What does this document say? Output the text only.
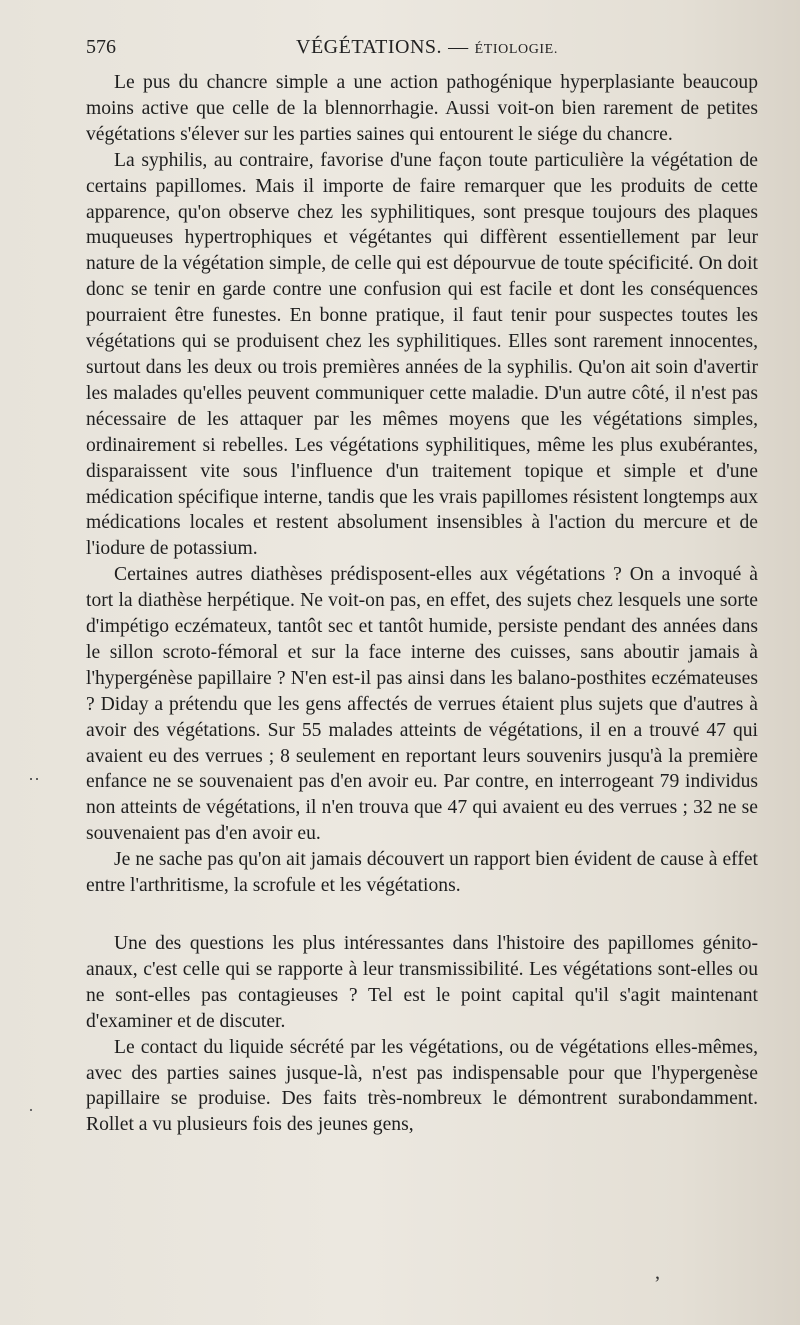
576	VÉGÉTATIONS. — ÉTIOLOGIE.

Le pus du chancre simple a une action pathogénique hyperplasiante beaucoup moins active que celle de la blennorrhagie. Aussi voit-on bien rarement de petites végétations s'élever sur les parties saines qui entourent le siége du chancre.

La syphilis, au contraire, favorise d'une façon toute particulière la végétation de certains papillomes. Mais il importe de faire remarquer que les produits de cette apparence, qu'on observe chez les syphilitiques, sont presque toujours des plaques muqueuses hypertrophiques et végétantes qui diffèrent essentiellement par leur nature de la végétation simple, de celle qui est dépourvue de toute spécificité. On doit donc se tenir en garde contre une confusion qui est facile et dont les conséquences pourraient être funestes. En bonne pratique, il faut tenir pour suspectes toutes les végétations qui se produisent chez les syphilitiques. Elles sont rarement innocentes, surtout dans les deux ou trois premières années de la syphilis. Qu'on ait soin d'avertir les malades qu'elles peuvent communiquer cette maladie. D'un autre côté, il n'est pas nécessaire de les attaquer par les mêmes moyens que les végétations simples, ordinairement si rebelles. Les végétations syphilitiques, même les plus exubérantes, disparaissent vite sous l'influence d'un traitement topique et simple et d'une médication spécifique interne, tandis que les vrais papillomes résistent longtemps aux médications locales et restent absolument insensibles à l'action du mercure et de l'iodure de potassium.

Certaines autres diathèses prédisposent-elles aux végétations ? On a invoqué à tort la diathèse herpétique. Ne voit-on pas, en effet, des sujets chez lesquels une sorte d'impétigo eczémateux, tantôt sec et tantôt humide, persiste pendant des années dans le sillon scroto-fémoral et sur la face interne des cuisses, sans aboutir jamais à l'hypergénèse papillaire ? N'en est-il pas ainsi dans les balano-posthites eczémateuses ? Diday a prétendu que les gens affectés de verrues étaient plus sujets que d'autres à avoir des végétations. Sur 55 malades atteints de végétations, il en a trouvé 47 qui avaient eu des verrues ; 8 seulement en reportant leurs souvenirs jusqu'à la première enfance ne se souvenaient pas d'en avoir eu. Par contre, en interrogeant 79 individus non atteints de végétations, il n'en trouva que 47 qui avaient eu des verrues ; 32 ne se souvenaient pas d'en avoir eu.

Je ne sache pas qu'on ait jamais découvert un rapport bien évident de cause à effet entre l'arthritisme, la scrofule et les végétations.

Une des questions les plus intéressantes dans l'histoire des papillomes génito-anaux, c'est celle qui se rapporte à leur transmissibilité. Les végétations sont-elles ou ne sont-elles pas contagieuses ? Tel est le point capital qu'il s'agit maintenant d'examiner et de discuter.

Le contact du liquide sécrété par les végétations, ou de végétations elles-mêmes, avec des parties saines jusque-là, n'est pas indispensable pour que l'hypergenèse papillaire se produise. Des faits très-nombreux le démontrent surabondamment. Rollet a vu plusieurs fois des jeunes gens,

‥
·
ʼ
